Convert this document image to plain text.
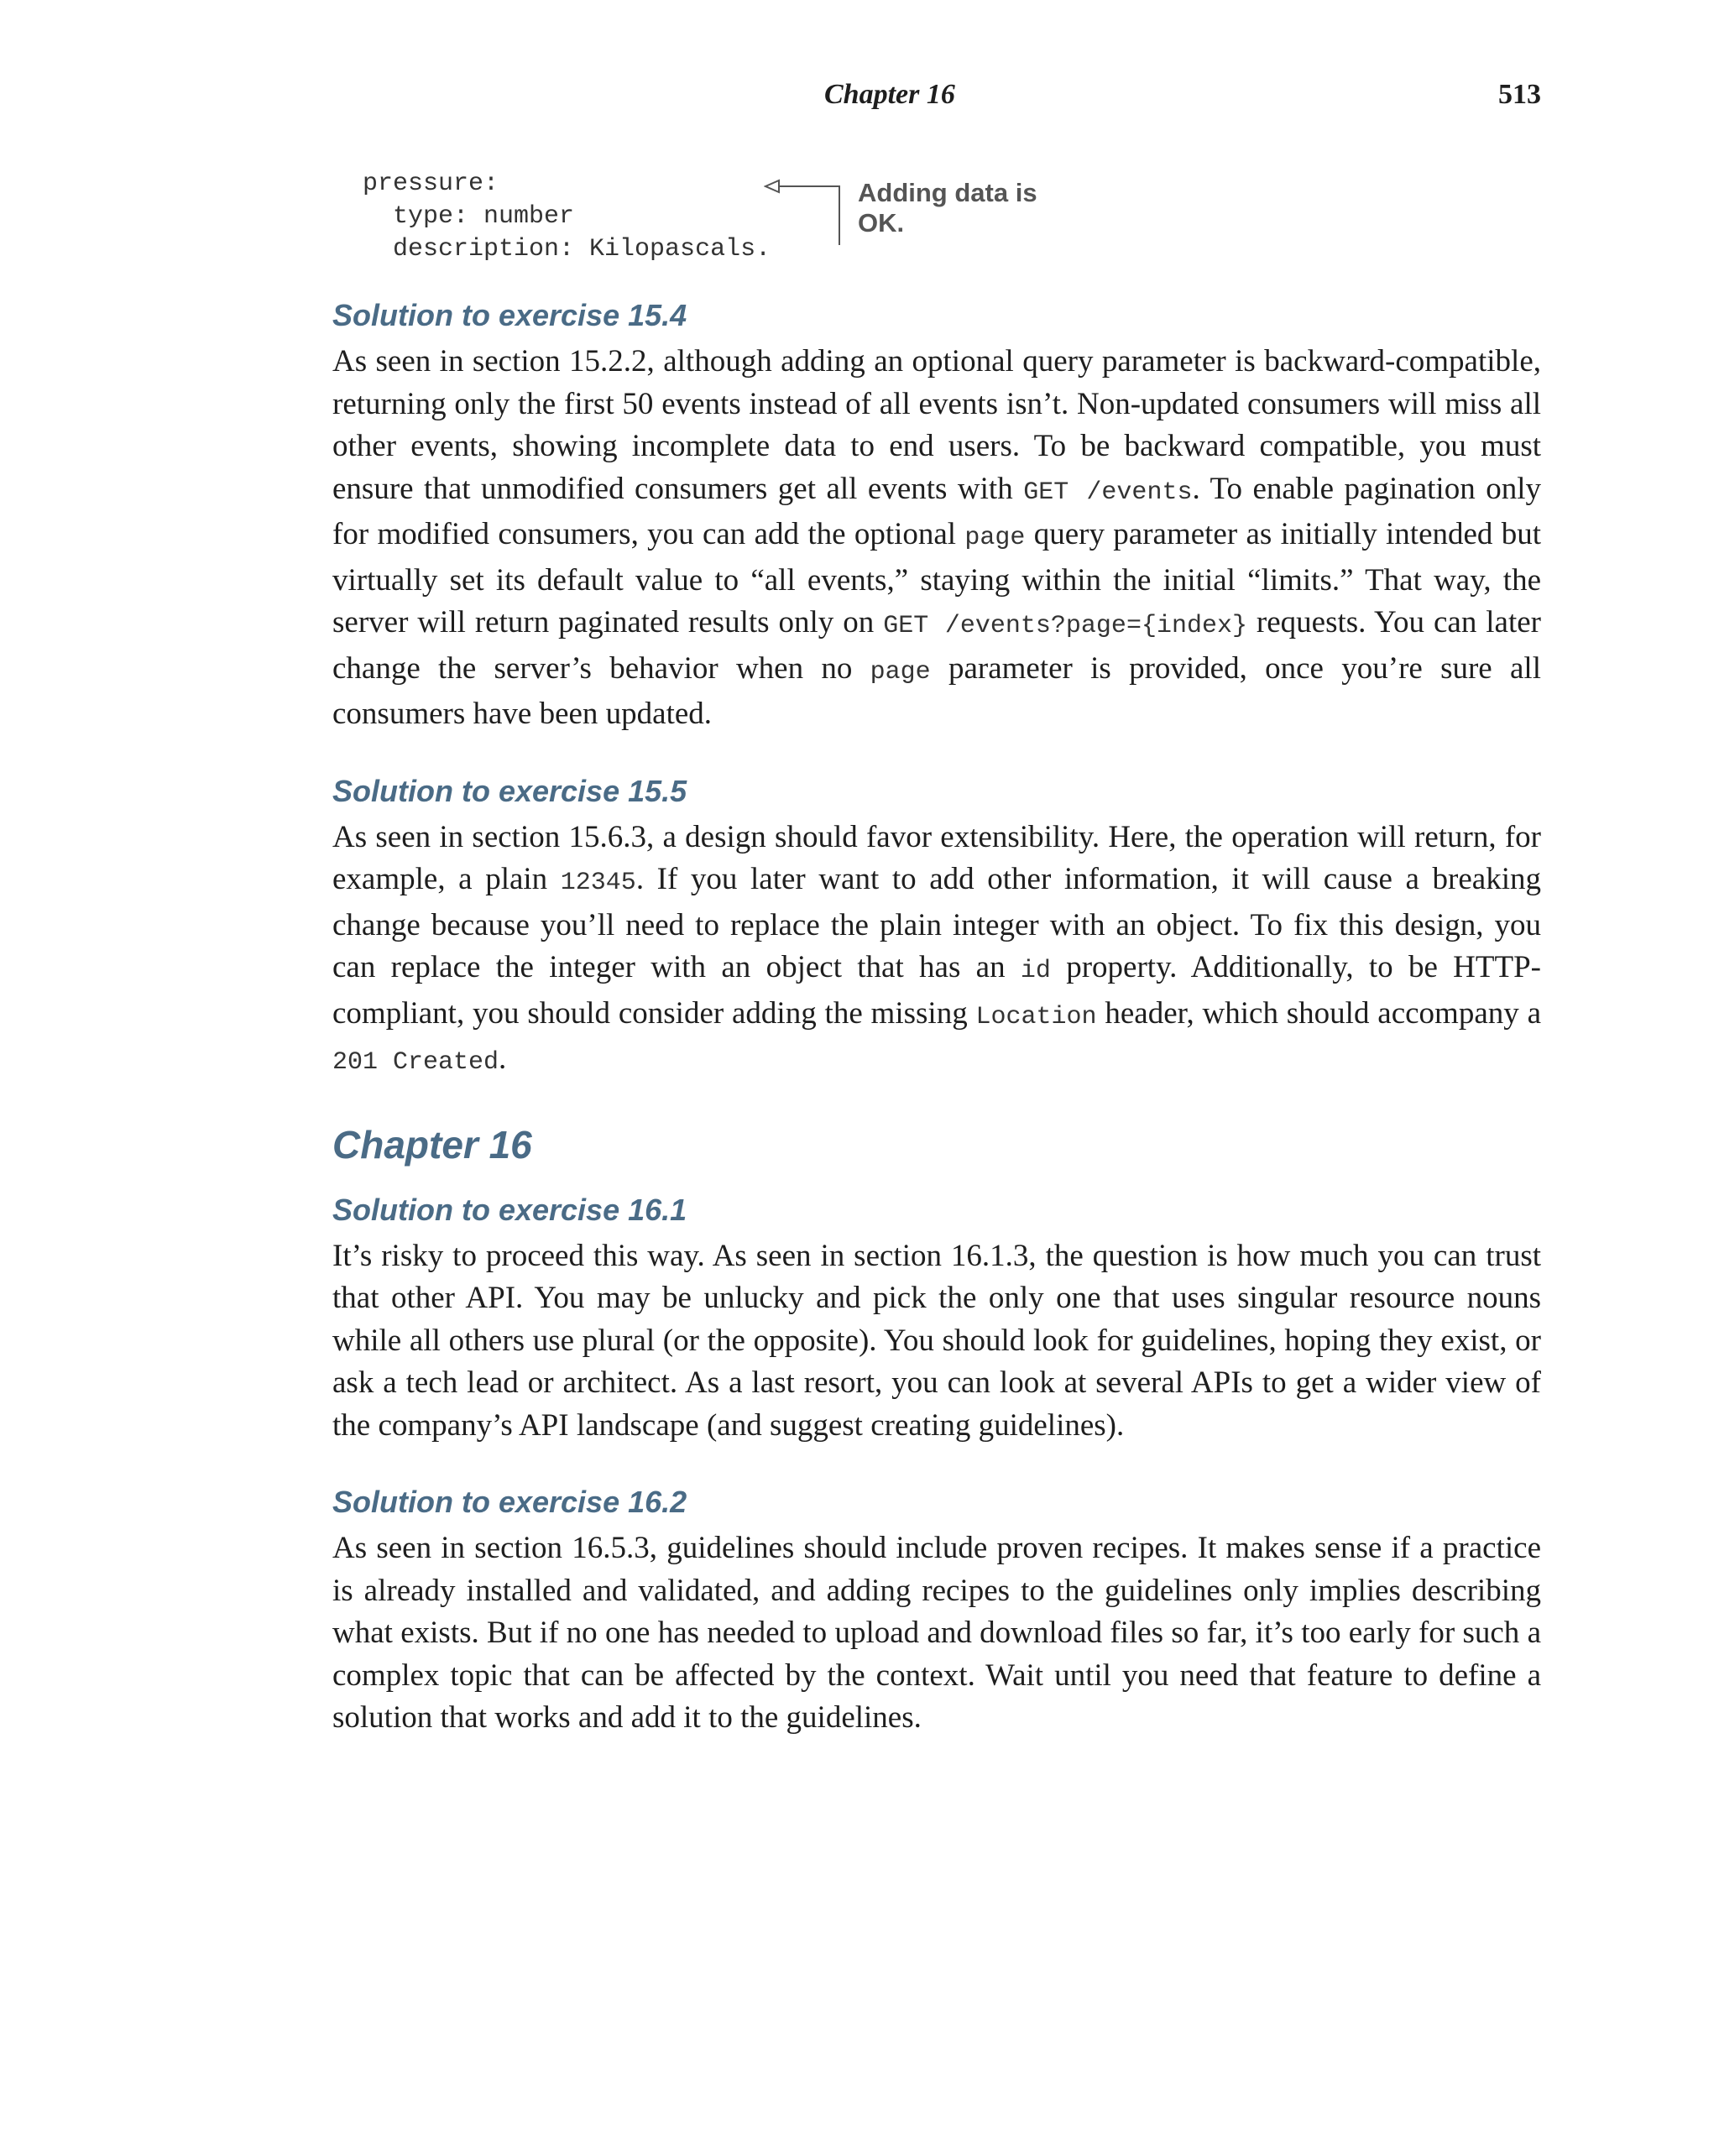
Chapter 16	513
pressure:
type: number
description: Kilopascals.
Adding data is OK.
Solution to exercise 15.4

As seen in section 15.2.2, although adding an optional query parameter is backward-compatible, returning only the first 50 events instead of all events isn’t. Non-updated consumers will miss all other events, showing incomplete data to end users. To be backward compatible, you must ensure that unmodified consumers get all events with GET /events. To enable pagination only for modified consumers, you can add the optional page query parameter as initially intended but virtually set its default value to “all events,” staying within the initial “limits.” That way, the server will return paginated results only on GET /events?page={index} requests. You can later change the server’s behavior when no page parameter is provided, once you’re sure all consumers have been updated.

Solution to exercise 15.5

As seen in section 15.6.3, a design should favor extensibility. Here, the operation will return, for example, a plain 12345. If you later want to add other information, it will cause a breaking change because you’ll need to replace the plain integer with an object. To fix this design, you can replace the integer with an object that has an id property. Additionally, to be HTTP-compliant, you should consider adding the missing Location header, which should accompany a 201 Created.

Chapter 16
Solution to exercise 16.1

It’s risky to proceed this way. As seen in section 16.1.3, the question is how much you can trust that other API. You may be unlucky and pick the only one that uses singular resource nouns while all others use plural (or the opposite). You should look for guidelines, hoping they exist, or ask a tech lead or architect. As a last resort, you can look at several APIs to get a wider view of the company’s API landscape (and suggest creating guidelines).

Solution to exercise 16.2

As seen in section 16.5.3, guidelines should include proven recipes. It makes sense if a practice is already installed and validated, and adding recipes to the guidelines only implies describing what exists. But if no one has needed to upload and download files so far, it’s too early for such a complex topic that can be affected by the context. Wait until you need that feature to define a solution that works and add it to the guidelines.
